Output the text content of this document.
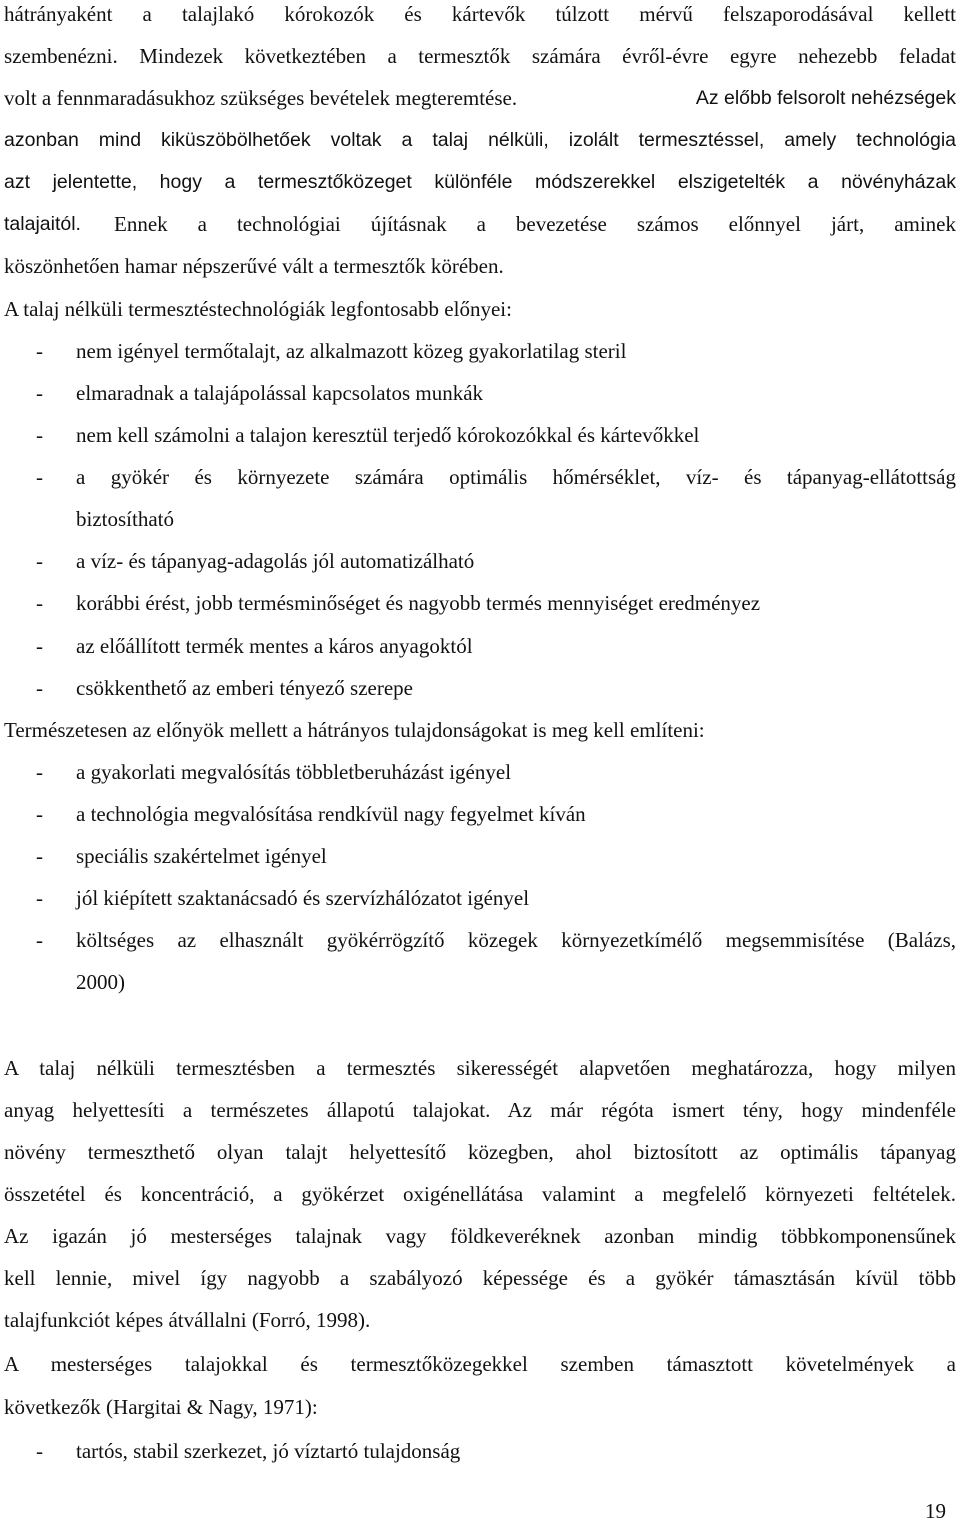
hátrányaként a talajlakó kórokozók és kártevők túlzott mérvű felszaporodásával kellett
szembenézni. Mindezek következtében a termesztők számára évről-évre egyre nehezebb feladat
volt a fennmaradásukhoz szükséges bevételek megteremtése.	Az előbb felsorolt nehézségek
azonban mind kiküszöbölhetőek voltak a talaj nélküli, izolált termesztéssel, amely technológia
azt jelentette, hogy a termesztőközeget különféle módszerekkel elszigetelték a növényházak
talajaitól.	Ennek a technológiai újításnak a bevezetése számos előnnyel járt, aminek
köszönhetően hamar népszerűvé vált a termesztők körében.
A talaj nélküli termesztéstechnológiák legfontosabb előnyei:
-	nem igényel termőtalajt, az alkalmazott közeg gyakorlatilag steril
-	elmaradnak a talajápolással kapcsolatos munkák
-	nem kell számolni a talajon keresztül terjedő kórokozókkal és kártevőkkel
-	a gyökér és környezete számára optimális hőmérséklet, víz- és tápanyag-ellátottság
biztosítható
-	a víz- és tápanyag-adagolás jól automatizálható
-	korábbi érést, jobb termésminőséget és nagyobb termés mennyiséget eredményez
-	az előállított termék mentes a káros anyagoktól
-	csökkenthető az emberi tényező szerepe
Természetesen az előnyök mellett a hátrányos tulajdonságokat is meg kell említeni:
-	a gyakorlati megvalósítás többletberuházást igényel
-	a technológia megvalósítása rendkívül nagy fegyelmet kíván
-	speciális szakértelmet igényel
-	jól kiépített szaktanácsadó és szervízhálózatot igényel
-	költséges az elhasznált gyökérrögzítő közegek környezetkímélő megsemmisítése (Balázs,
2000)
A talaj nélküli termesztésben a termesztés sikerességét alapvetően meghatározza, hogy milyen
anyag helyettesíti a természetes állapotú talajokat. Az már régóta ismert tény, hogy mindenféle
növény termeszthető olyan talajt helyettesítő közegben, ahol biztosított az optimális tápanyag
összetétel és koncentráció, a gyökérzet oxigénellátása valamint a megfelelő környezeti feltételek.
Az igazán jó mesterséges talajnak vagy földkeveréknek azonban mindig többkomponensűnek
kell lennie, mivel így nagyobb a szabályozó képessége és a gyökér támasztásán kívül több
talajfunkciót képes átvállalni (Forró, 1998).
A mesterséges talajokkal és termesztőközegekkel szemben támasztott követelmények a
következők (Hargitai & Nagy, 1971):
-	tartós, stabil szerkezet, jó víztartó tulajdonság
19
